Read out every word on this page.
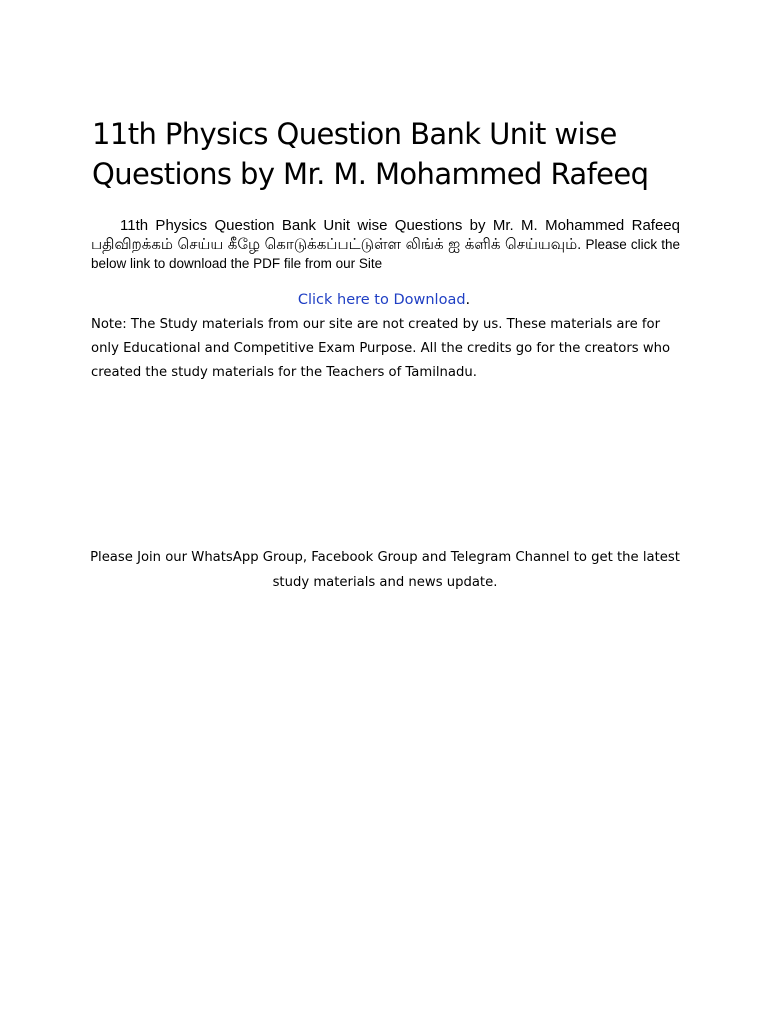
11th Physics Question Bank Unit wise Questions by Mr. M. Mohammed Rafeeq

11th Physics Question Bank Unit wise Questions by Mr. M. Mohammed Rafeeq பதிவிறக்கம் செய்ய கீழே கொடுக்கப்பட்டுள்ள லிங்க் ஐ க்ளிக் செய்யவும். Please click the below link to download the PDF file from our Site

Click here to Download.

Note: The Study materials from our site are not created by us. These materials are for only Educational and Competitive Exam Purpose. All the credits go for the creators who created the study materials for the Teachers of Tamilnadu.

Please Join our WhatsApp Group, Facebook Group and Telegram Channel to get the latest study materials and news update.
